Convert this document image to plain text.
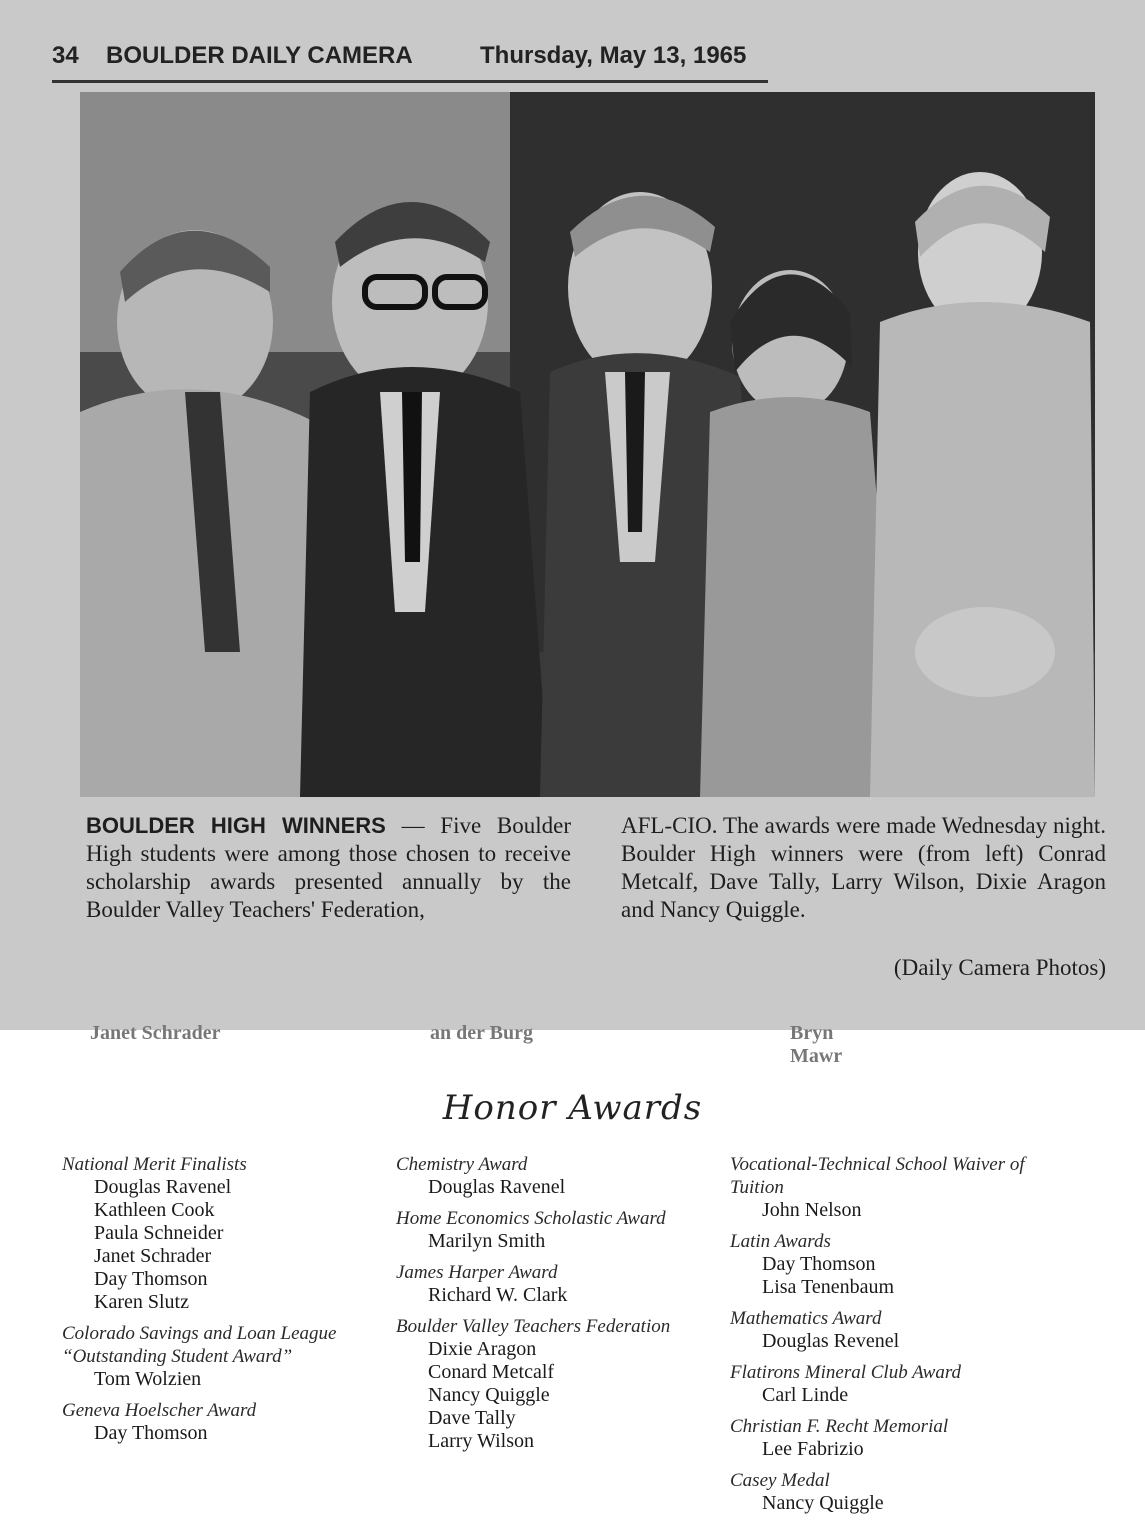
34 BOULDER DAILY CAMERA	Thursday, May 13, 1965
BOULDER HIGH WINNERS — Five Boulder High students were among those chosen to receive scholarship awards presented annually by the Boulder Valley Teachers' Federation,
AFL-CIO. The awards were made Wednesday night. Boulder High winners were (from left) Conrad Metcalf, Dave Tally, Larry Wilson, Dixie Aragon and Nancy Quiggle.
(Daily Camera Photos)
Janet Schrader	an der Burg	Bryn Mawr
Honor Awards
National Merit Finalists
Douglas Ravenel
Kathleen Cook
Paula Schneider
Janet Schrader
Day Thomson
Karen Slutz
Colorado Savings and Loan League “Outstanding Student Award”
Tom Wolzien
Geneva Hoelscher Award
Day Thomson
Chemistry Award
Douglas Ravenel
Home Economics Scholastic Award
Marilyn Smith
James Harper Award
Richard W. Clark
Boulder Valley Teachers Federation
Dixie Aragon
Conard Metcalf
Nancy Quiggle
Dave Tally
Larry Wilson
Vocational-Technical School Waiver of Tuition
John Nelson
Latin Awards
Day Thomson
Lisa Tenenbaum
Mathematics Award
Douglas Revenel
Flatirons Mineral Club Award
Carl Linde
Christian F. Recht Memorial
Lee Fabrizio
Casey Medal
Nancy Quiggle
